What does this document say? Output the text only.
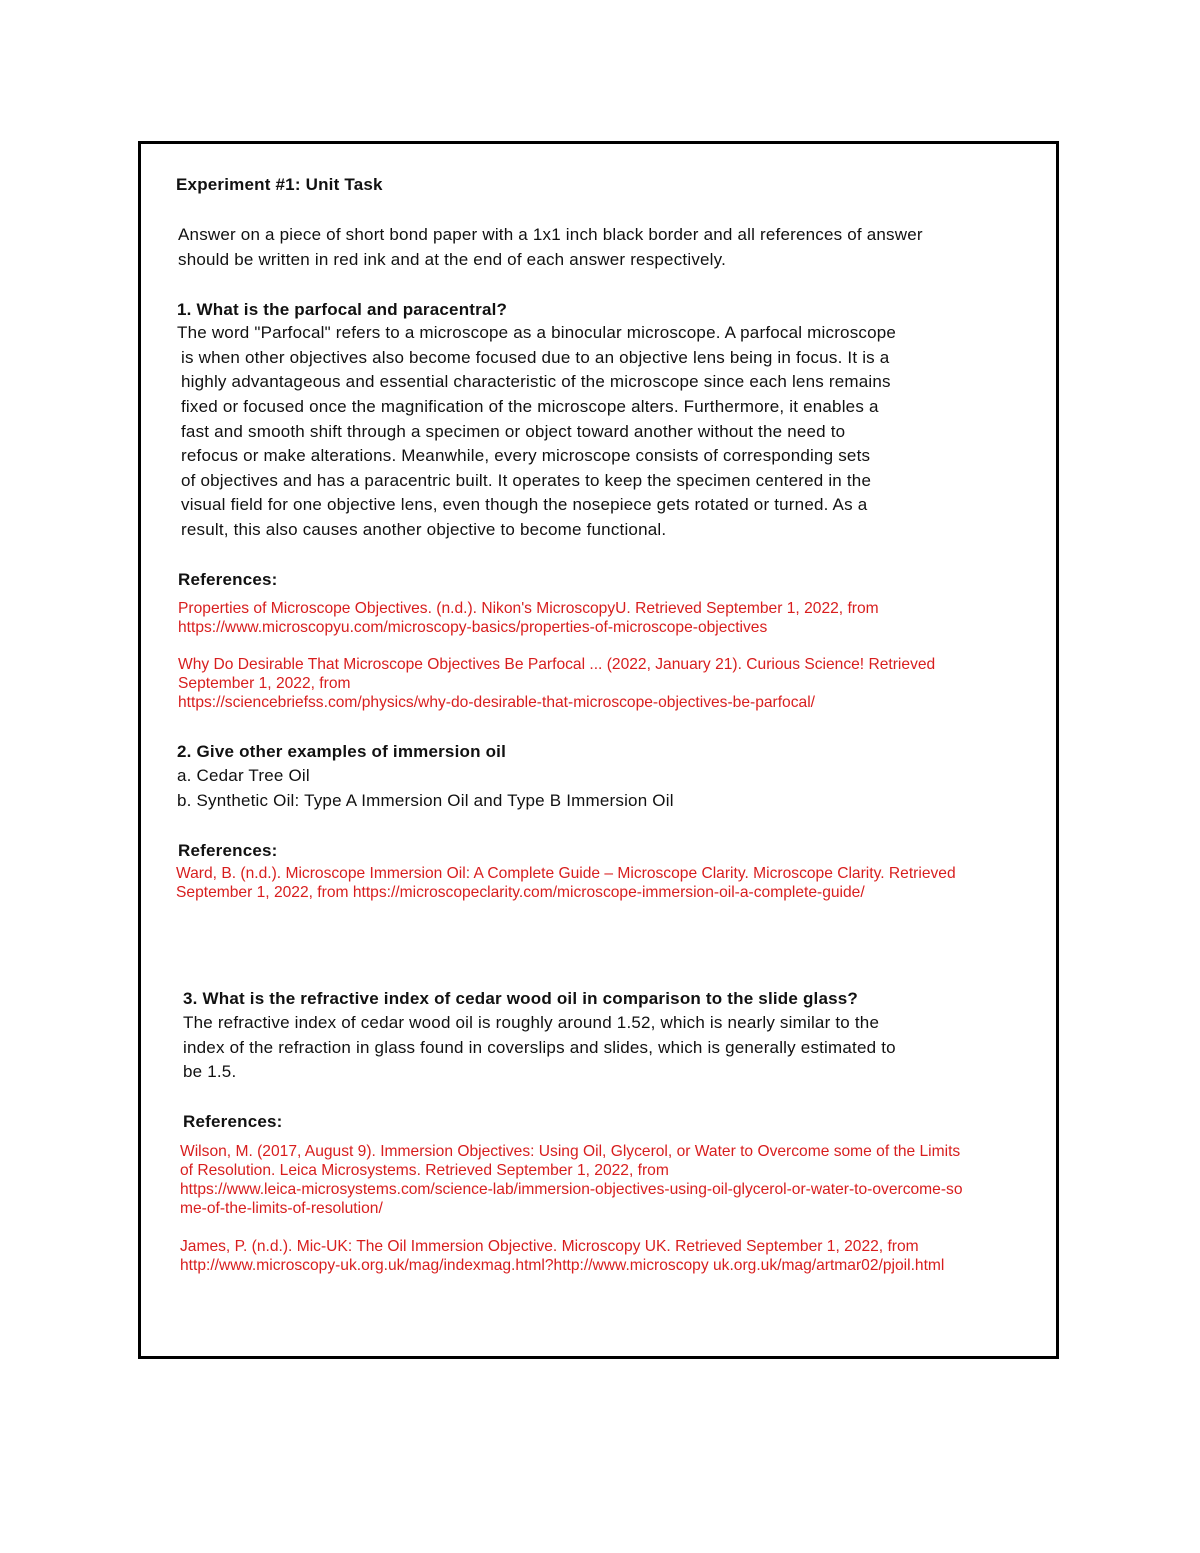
Experiment #1: Unit Task
Answer on a piece of short bond paper with a 1x1 inch black border and all references of answer
should be written in red ink and at the end of each answer respectively.
1. What is the parfocal and paracentral?
The word "Parfocal" refers to a microscope as a binocular microscope. A parfocal microscope
is when other objectives also become focused due to an objective lens being in focus. It is a
highly advantageous and essential characteristic of the microscope since each lens remains
fixed or focused once the magnification of the microscope alters. Furthermore, it enables a
fast and smooth shift through a specimen or object toward another without the need to
refocus or make alterations. Meanwhile, every microscope consists of corresponding sets
of objectives and has a paracentric built. It operates to keep the specimen centered in the
visual field for one objective lens, even though the nosepiece gets rotated or turned. As a
result, this also causes another objective to become functional.
References:
Properties of Microscope Objectives. (n.d.). Nikon's MicroscopyU. Retrieved September 1, 2022, from
https://www.microscopyu.com/microscopy-basics/properties-of-microscope-objectives
Why Do Desirable That Microscope Objectives Be Parfocal ... (2022, January 21). Curious Science! Retrieved
September 1, 2022, from
https://sciencebriefss.com/physics/why-do-desirable-that-microscope-objectives-be-parfocal/
2. Give other examples of immersion oil
a. Cedar Tree Oil
b. Synthetic Oil: Type A Immersion Oil and Type B Immersion Oil
References:
Ward, B. (n.d.). Microscope Immersion Oil: A Complete Guide – Microscope Clarity. Microscope Clarity. Retrieved
September 1, 2022, from https://microscopeclarity.com/microscope-immersion-oil-a-complete-guide/
3. What is the refractive index of cedar wood oil in comparison to the slide glass?
The refractive index of cedar wood oil is roughly around 1.52, which is nearly similar to the
index of the refraction in glass found in coverslips and slides, which is generally estimated to
be 1.5.
References:
Wilson, M. (2017, August 9). Immersion Objectives: Using Oil, Glycerol, or Water to Overcome some of the Limits
of Resolution. Leica Microsystems. Retrieved September 1, 2022, from
https://www.leica-microsystems.com/science-lab/immersion-objectives-using-oil-glycerol-or-water-to-overcome-so
me-of-the-limits-of-resolution/
James, P. (n.d.). Mic-UK: The Oil Immersion Objective. Microscopy UK. Retrieved September 1, 2022, from
http://www.microscopy-uk.org.uk/mag/indexmag.html?http://www.microscopy uk.org.uk/mag/artmar02/pjoil.html
